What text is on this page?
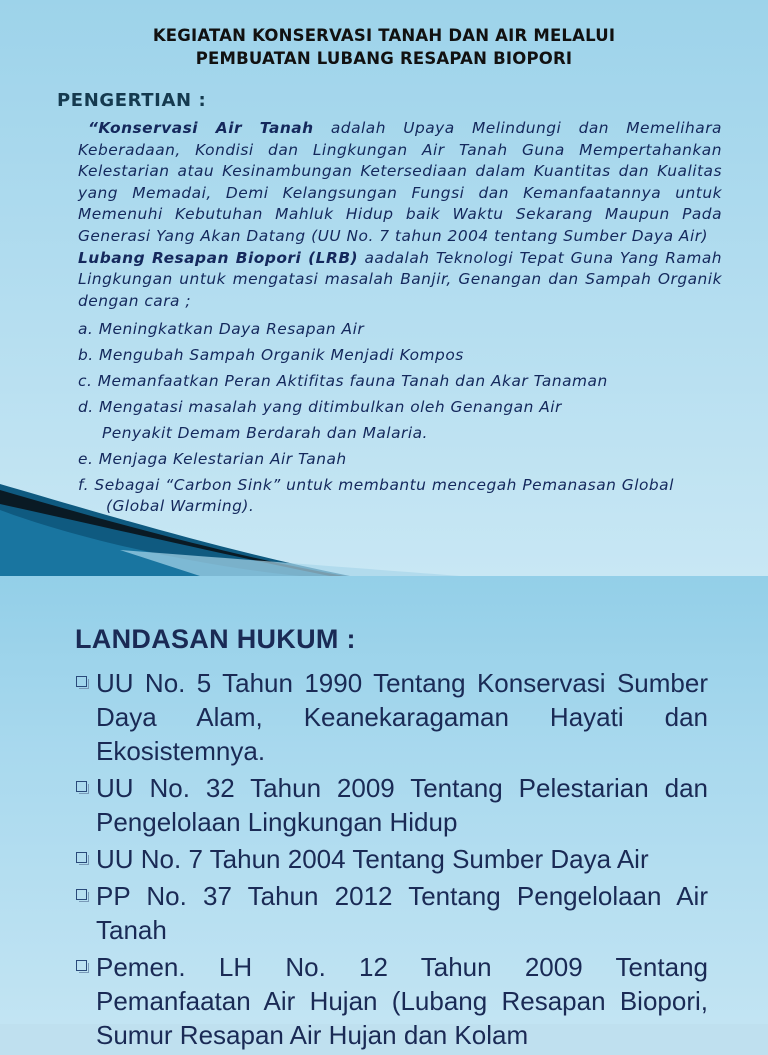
KEGIATAN KONSERVASI TANAH DAN AIR MELALUI
PEMBUATAN LUBANG RESAPAN BIOPORI
PENGERTIAN :

“Konservasi Air Tanah adalah Upaya Melindungi dan Memelihara Keberadaan, Kondisi dan Lingkungan Air Tanah Guna Mempertahankan Kelestarian atau Kesinambungan Ketersediaan dalam Kuantitas dan Kualitas yang Memadai, Demi Kelangsungan Fungsi dan Kemanfaatannya untuk Memenuhi Kebutuhan Mahluk Hidup baik Waktu Sekarang Maupun Pada Generasi Yang Akan Datang (UU No. 7 tahun 2004 tentang Sumber Daya Air)

Lubang Resapan Biopori (LRB) aadalah Teknologi Tepat Guna Yang Ramah Lingkungan untuk mengatasi masalah Banjir, Genangan dan Sampah Organik dengan cara ;

a. Meningkatkan Daya Resapan Air
b. Mengubah Sampah Organik Menjadi Kompos
c. Memanfaatkan Peran Aktifitas fauna Tanah dan Akar Tanaman
d. Mengatasi masalah yang ditimbulkan oleh Genangan Air
Penyakit Demam Berdarah dan Malaria.
e. Menjaga Kelestarian Air Tanah
f. Sebagai “Carbon Sink” untuk membantu mencegah Pemanasan Global
(Global Warming).
LANDASAN HUKUM :
UU No. 5 Tahun 1990 Tentang Konservasi Sumber Daya Alam, Keanekaragaman Hayati dan Ekosistemnya.
UU No. 32 Tahun 2009 Tentang Pelestarian dan Pengelolaan Lingkungan Hidup
UU No. 7 Tahun 2004 Tentang Sumber Daya Air
PP No. 37 Tahun 2012 Tentang Pengelolaan Air Tanah
Pemen. LH No. 12 Tahun 2009 Tentang Pemanfaatan Air Hujan (Lubang Resapan Biopori, Sumur Resapan Air Hujan dan Kolam
